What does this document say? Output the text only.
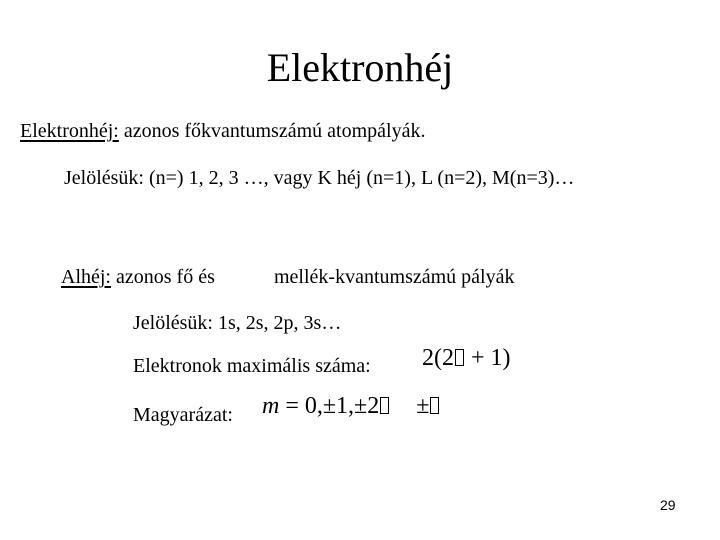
Elektronhéj
Elektronhéj: azonos főkvantumszámú atompályák.
Jelölésük: (n=) 1, 2, 3 …, vagy K héj (n=1), L (n=2), M(n=3)…
Alhéj: azonos fő és	mellék-kvantumszámú pályák
Jelölésük: 1s, 2s, 2p, 3s…
Elektronok maximális száma: 2(2 + 1)
Magyarázat: m = 0,±1,±2 ±
29
